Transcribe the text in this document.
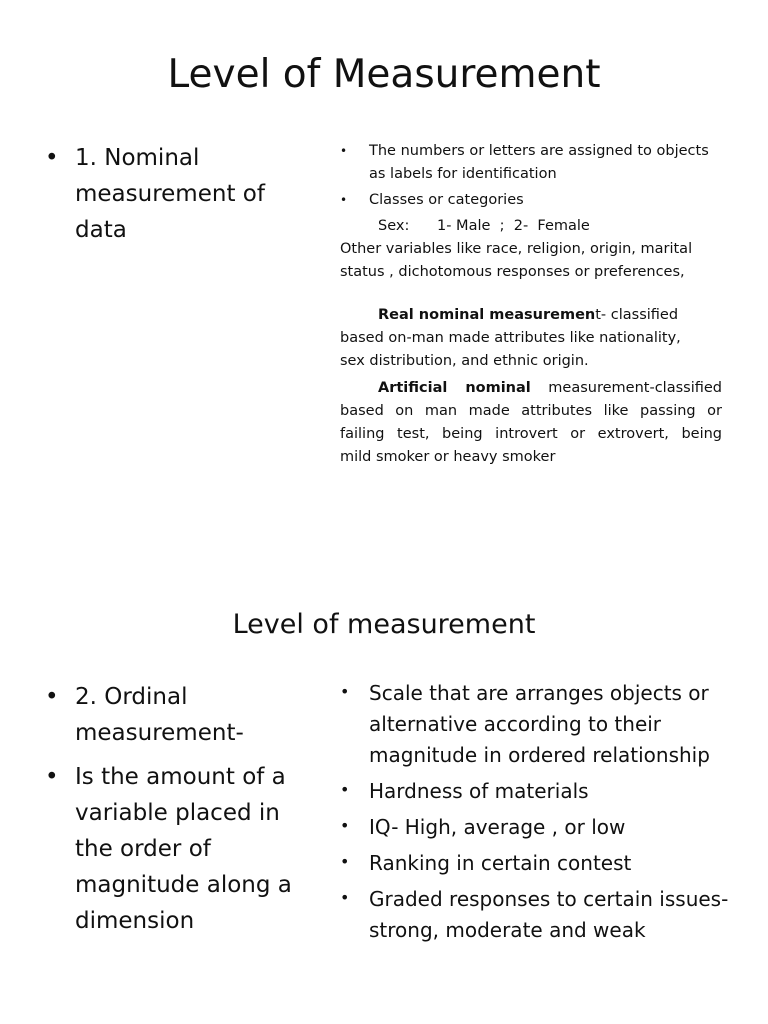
Level of Measurement
• 1. Nominal measurement of data
• The numbers or letters are assigned to objects as labels for identification
• Classes or categories
Sex:      1- Male  ;  2-  Female

Other variables like race, religion, origin, marital status , dichotomous responses or preferences,

Real nominal measurement- classified
based on-man made attributes like nationality,
sex distribution, and ethnic origin.

Artificial nominal measurement-classified
based on man made attributes like passing or
failing test, being introvert or extrovert, being
mild smoker or heavy smoker

Level of measurement
• 2. Ordinal measurement-
• Is the amount of a variable placed in the order of magnitude along a dimension
• Scale that are arranges objects or alternative according to their magnitude in ordered relationship
• Hardness of materials
• IQ- High, average , or low
• Ranking in certain contest
• Graded responses to certain issues-strong, moderate and weak
